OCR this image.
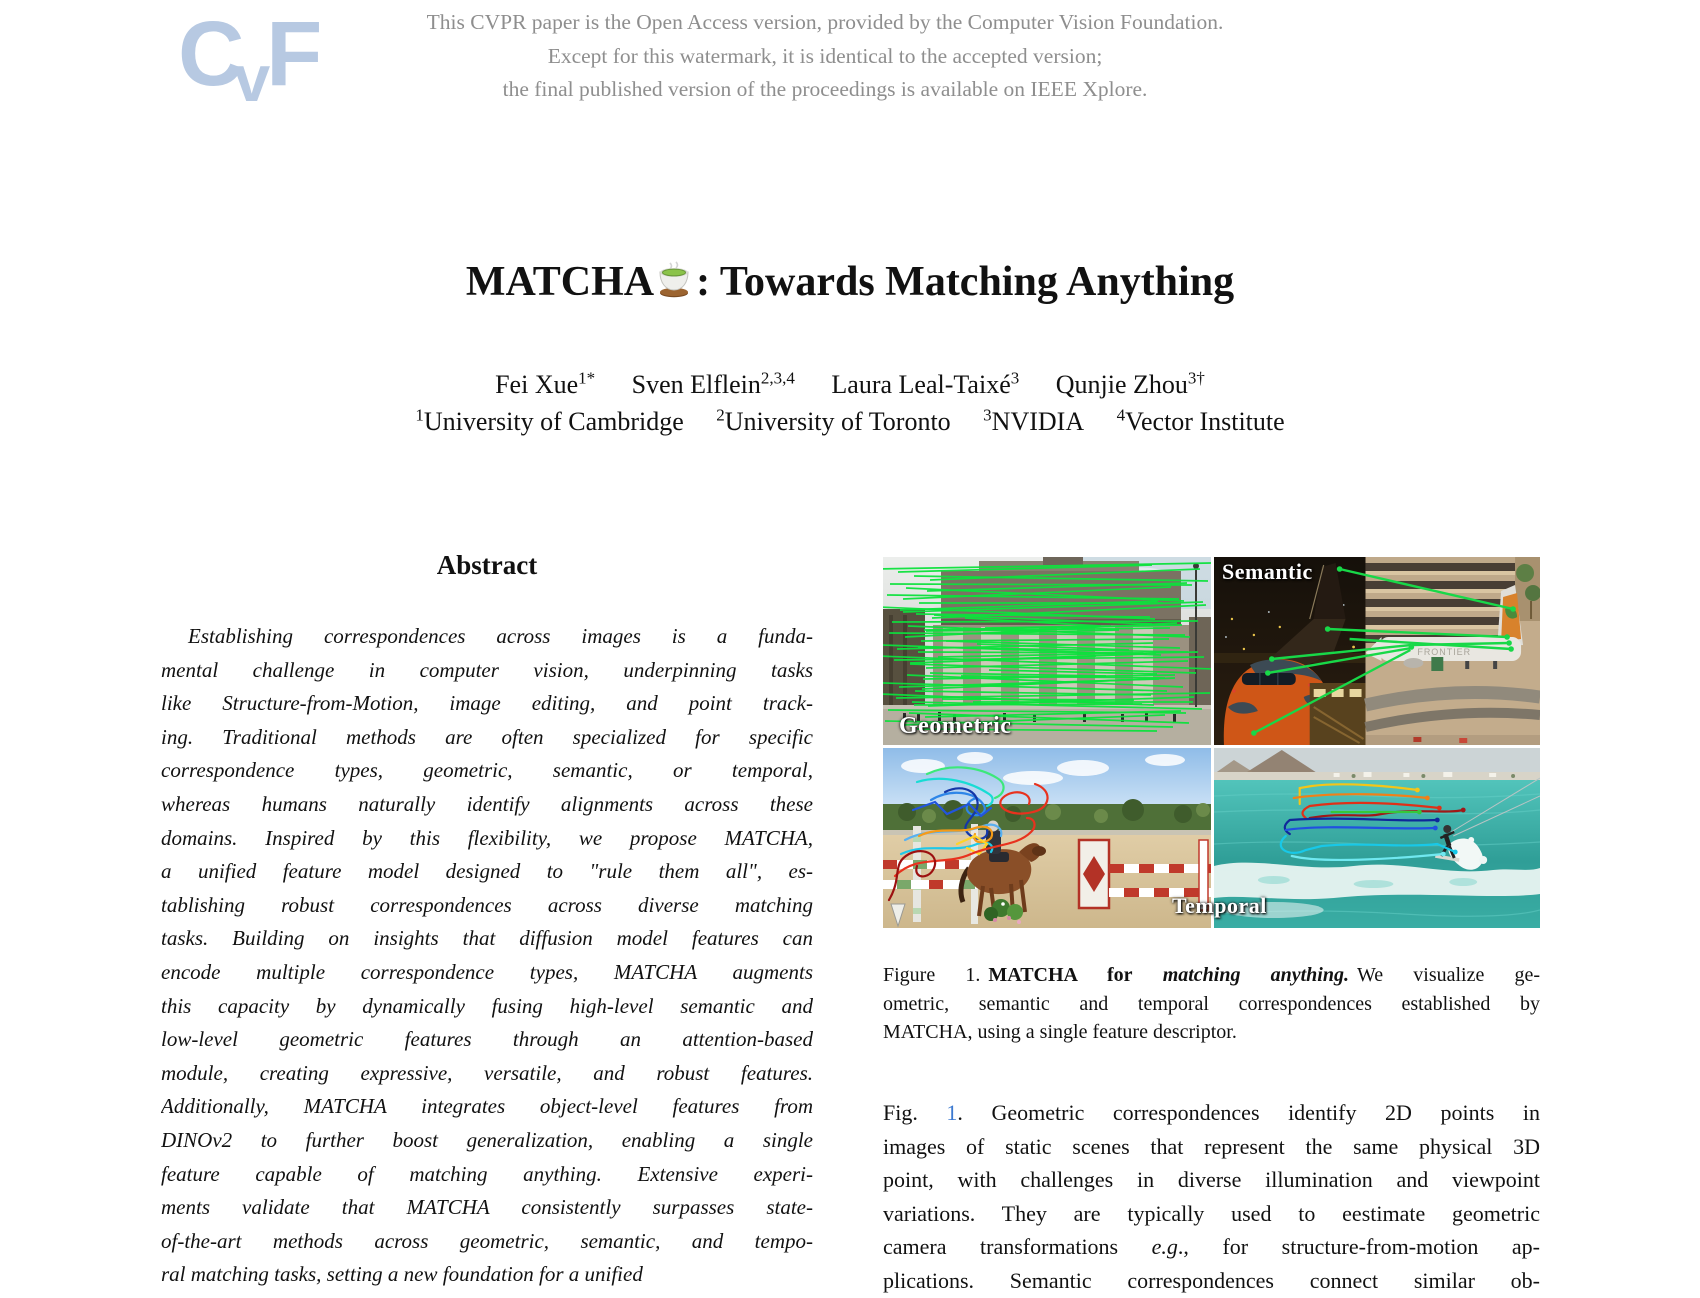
CvF	This CVPR paper is the Open Access version, provided by the Computer Vision Foundation.
Except for this watermark, it is identical to the accepted version;
the final published version of the proceedings is available on IEEE Xplore.
MATCHA : Towards Matching Anything
Fei Xue$^{1*}$ Sven Elflein$^{2,3,4}$ Laura Leal-Taixé$^3$ Qunjie Zhou$^{3\dagger}$
$^1$University of Cambridge $^2$University of Toronto $^3$NVIDIA $^4$Vector Institute
Abstract
Establishing correspondences across images is a funda-
mental challenge in computer vision, underpinning tasks
like Structure-from-Motion, image editing, and point track-
ing. Traditional methods are often specialized for specific
correspondence types, geometric, semantic, or temporal,
whereas humans naturally identify alignments across these
domains. Inspired by this flexibility, we propose MATCHA,
a unified feature model designed to "rule them all", es-
tablishing robust correspondences across diverse matching
tasks. Building on insights that diffusion model features can
encode multiple correspondence types, MATCHA augments
this capacity by dynamically fusing high-level semantic and
low-level geometric features through an attention-based
module, creating expressive, versatile, and robust features.
Additionally, MATCHA integrates object-level features from
DINOv2 to further boost generalization, enabling a single
feature capable of matching anything. Extensive experi-
ments validate that MATCHA consistently surpasses state-
of-the-art methods across geometric, semantic, and tempo-
ral matching tasks, setting a new foundation for a unified
FRONTIER
Semantic
Geometric
Temporal
Figure 1. MATCHA for matching anything. We visualize ge-
ometric, semantic and temporal correspondences established by
MATCHA, using a single feature descriptor.
Fig. 1. Geometric correspondences identify 2D points in
images of static scenes that represent the same physical 3D
point, with challenges in diverse illumination and viewpoint
variations. They are typically used to eestimate geometric
camera transformations e.g., for structure-from-motion ap-
plications. Semantic correspondences connect similar ob-
